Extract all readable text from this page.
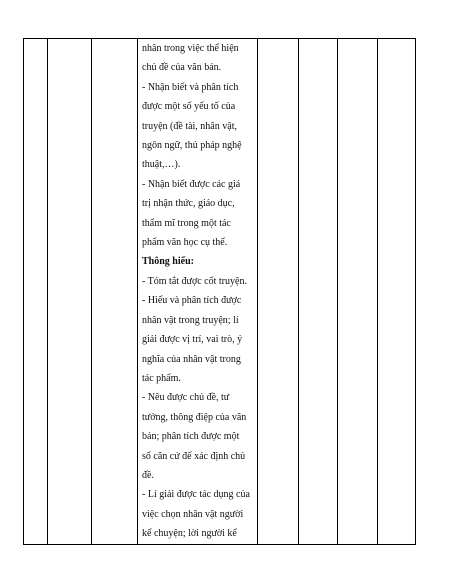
nhân trong việc thể hiện

chủ đề của văn bản.

- Nhận biết và phân tích

được một số yếu tố của

truyện (đề tài, nhân vật,

ngôn ngữ, thủ pháp nghệ

thuật,…).

- Nhận biết được các giá

trị nhận thức, giáo dục,

thẩm mĩ trong một tác

phẩm văn học cụ thể.

Thông hiểu:

- Tóm tắt được cốt truyện.

- Hiểu và phân tích được

nhân vật trong truyện; lí

giải được vị trí, vai trò, ý

nghĩa của nhân vật trong

tác phẩm.

- Nêu được chủ đề, tư

tưởng, thông điệp của văn

bản; phân tích được một

số căn cứ để xác định chủ

đề.

- Lí giải được tác dụng của

việc chọn nhân vật người

kể chuyện; lời người kể
